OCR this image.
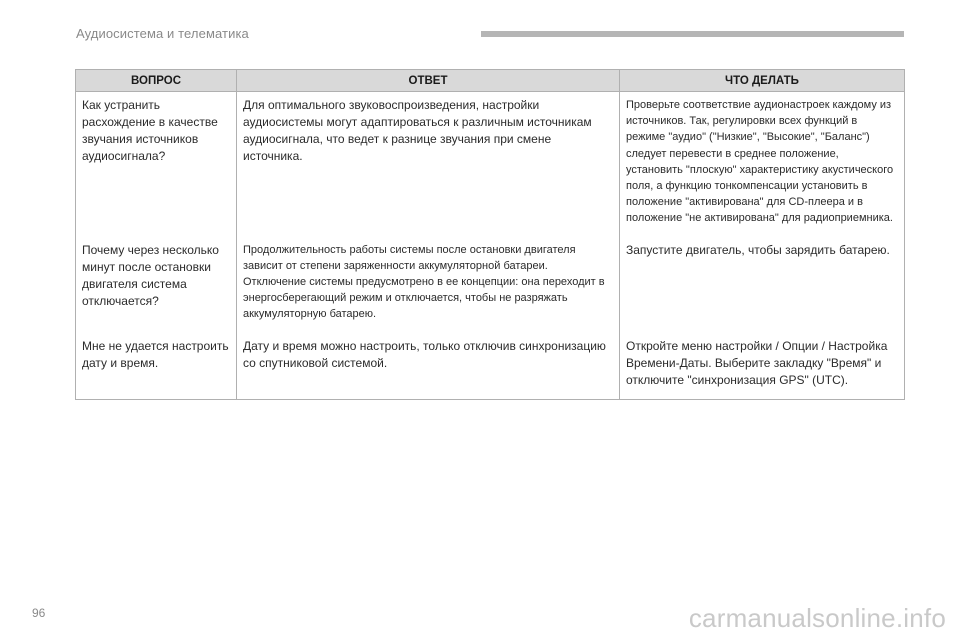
Аудиосистема и телематика
ВОПРОС	ОТВЕТ	ЧТО ДЕЛАТЬ
Как устранить расхождение в качестве звучания источников аудиосигнала?	Для оптимального звуковоспроизведения, настройки аудиосистемы могут адаптироваться к различным источникам аудиосигнала, что ведет к разнице звучания при смене источника.	Проверьте соответствие аудионастроек каждому из источников. Так, регулировки всех функций в режиме "аудио" ("Низкие", "Высокие", "Баланс") следует перевести в среднее положение, установить "плоскую" характеристику акустического поля, а функцию тонкомпенсации установить в положение "активирована" для CD-плеера и в положение "не активирована" для радиоприемника.
Почему через несколько минут после остановки двигателя система отключается?	Продолжительность работы системы после остановки двигателя зависит от степени заряженности аккумуляторной батареи. Отключение системы предусмотрено в ее концепции: она переходит в энергосберегающий режим и отключается, чтобы не разряжать аккумуляторную батарею.	Запустите двигатель, чтобы зарядить батарею.
Мне не удается настроить дату и время.	Дату и время можно настроить, только отключив синхронизацию со спутниковой системой.	Откройте меню настройки / Опции / Настройка Времени-Даты. Выберите закладку "Время" и отключите "синхронизация GPS" (UTC).
96	carmanualsonline.info
